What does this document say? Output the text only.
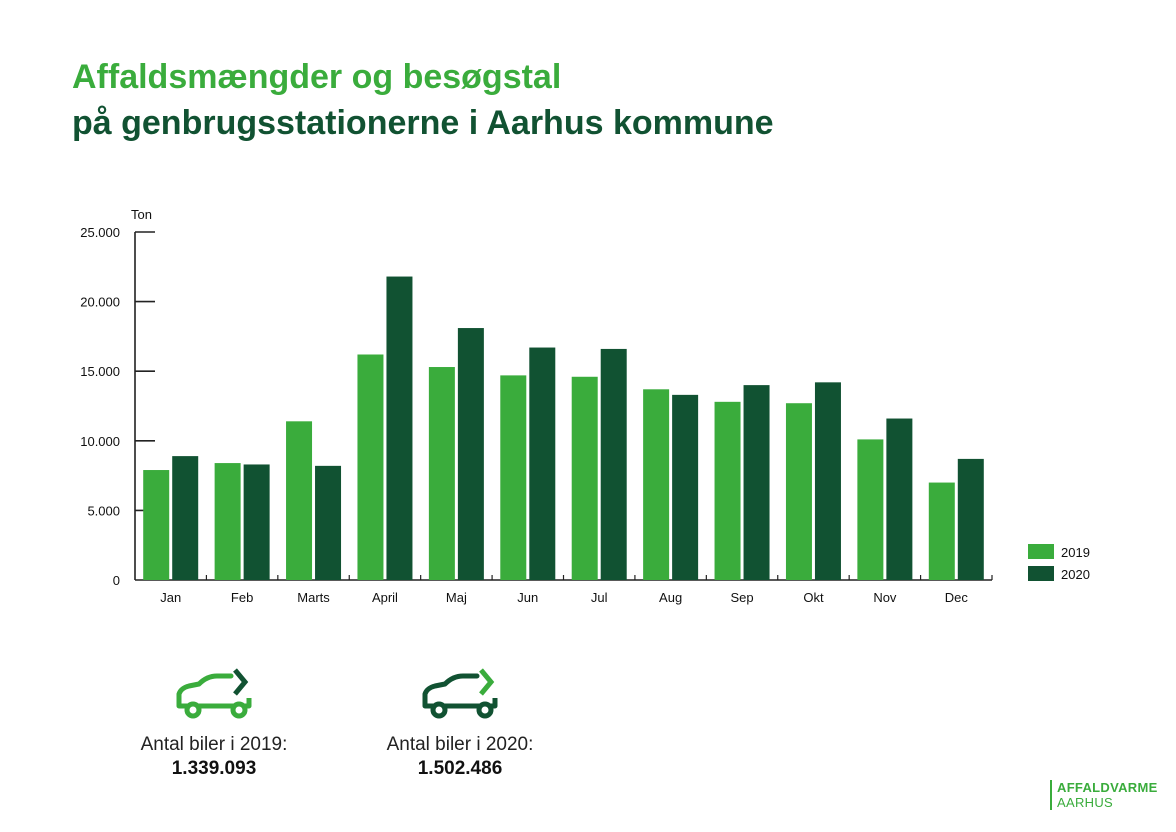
Affaldsmængder og besøgstal
på genbrugsstationerne i Aarhus kommune
Ton
0
5.000
10.000
15.000
20.000
25.000
Jan	Feb	Marts	April	Maj	Jun	Jul	Aug	Sep	Okt	Nov	Dec
2019
2020
Antal biler i 2019:
1.339.093
Antal biler i 2020:
1.502.486
AFFALDVARME
AARHUS
